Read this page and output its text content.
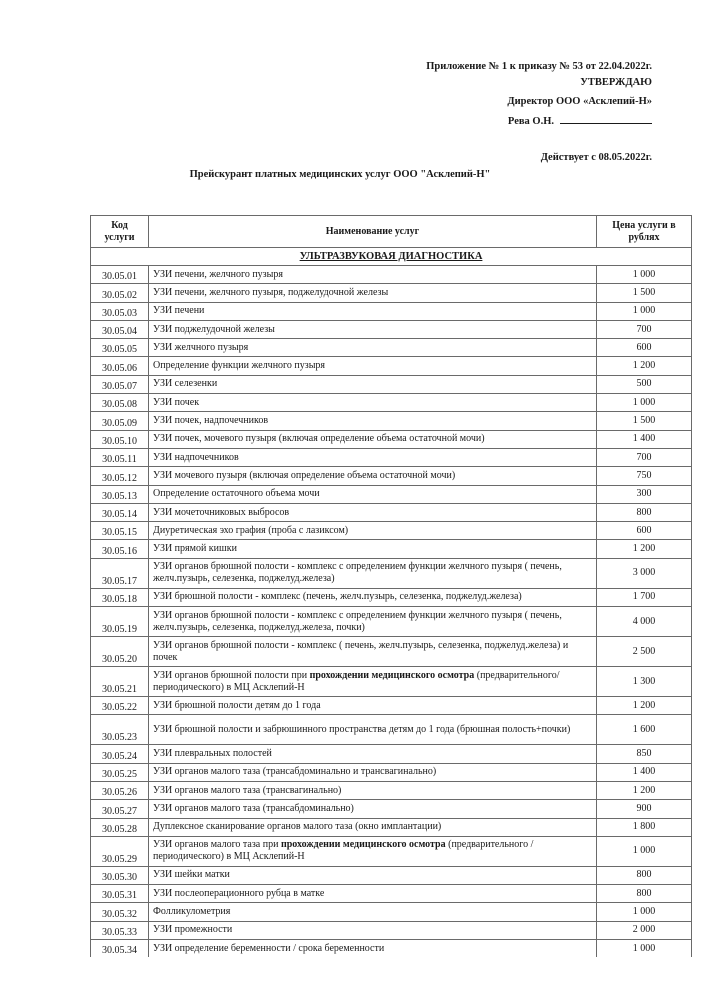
Приложение № 1 к приказу № 53 от 22.04.2022г.
УТВЕРЖДАЮ
Директор ООО «Асклепий-Н»
Рева О.Н.
Действует с 08.05.2022г.
Прейскурант платных медицинских услуг ООО "Асклепий-Н"
Код услуги	Наименование услуг	Цена услуги в рублях
УЛЬТРАЗВУКОВАЯ ДИАГНОСТИКА		
30.05.01	УЗИ печени, желчного пузыря	1 000
30.05.02	УЗИ печени, желчного пузыря, поджелудочной железы	1 500
30.05.03	УЗИ печени	1 000
30.05.04	УЗИ поджелудочной железы	700
30.05.05	УЗИ желчного пузыря	600
30.05.06	Определение функции желчного пузыря	1 200
30.05.07	УЗИ селезенки	500
30.05.08	УЗИ почек	1 000
30.05.09	УЗИ почек, надпочечников	1 500
30.05.10	УЗИ почек, мочевого пузыря (включая определение объема остаточной мочи)	1 400
30.05.11	УЗИ надпочечников	700
30.05.12	УЗИ мочевого пузыря (включая определение объема остаточной мочи)	750
30.05.13	Определение остаточного объема мочи	300
30.05.14	УЗИ мочеточниковых выбросов	800
30.05.15	Диуретическая эхо графия (проба с лазиксом)	600
30.05.16	УЗИ прямой кишки	1 200
30.05.17	УЗИ органов брюшной полости - комплекс с определением функции желчного пузыря ( печень, желч.пузырь, селезенка, поджелуд.железа)	3 000
30.05.18	УЗИ брюшной полости - комплекс (печень, желч.пузырь, селезенка, поджелуд.железа)	1 700
30.05.19	УЗИ органов брюшной полости - комплекс с определением функции желчного пузыря ( печень, желч.пузырь, селезенка, поджелуд.железа, почки)	4 000
30.05.20	УЗИ органов брюшной полости - комплекс ( печень, желч.пузырь, селезенка, поджелуд.железа) и почек	2 500
30.05.21	УЗИ органов брюшной полости при прохождении медицинского осмотра (предварительного/периодического) в МЦ Асклепий-Н	1 300
30.05.22	УЗИ брюшной полости детям до 1 года	1 200
30.05.23	УЗИ брюшной полости и забрюшинного пространства детям до 1 года (брюшная полость+почки)	1 600
30.05.24	УЗИ плевральных полостей	850
30.05.25	УЗИ органов малого таза (трансабдоминально и трансвагинально)	1 400
30.05.26	УЗИ органов малого таза (трансвагинально)	1 200
30.05.27	УЗИ органов малого таза (трансабдоминально)	900
30.05.28	Дуплексное сканирование органов малого таза (окно имплантации)	1 800
30.05.29	УЗИ органов малого таза при прохождении медицинского осмотра (предварительного / периодического) в МЦ Асклепий-Н	1 000
30.05.30	УЗИ шейки матки	800
30.05.31	УЗИ послеоперационного рубца в матке	800
30.05.32	Фолликулометрия	1 000
30.05.33	УЗИ промежности	2 000
30.05.34	УЗИ определение беременности / срока беременности	1 000
